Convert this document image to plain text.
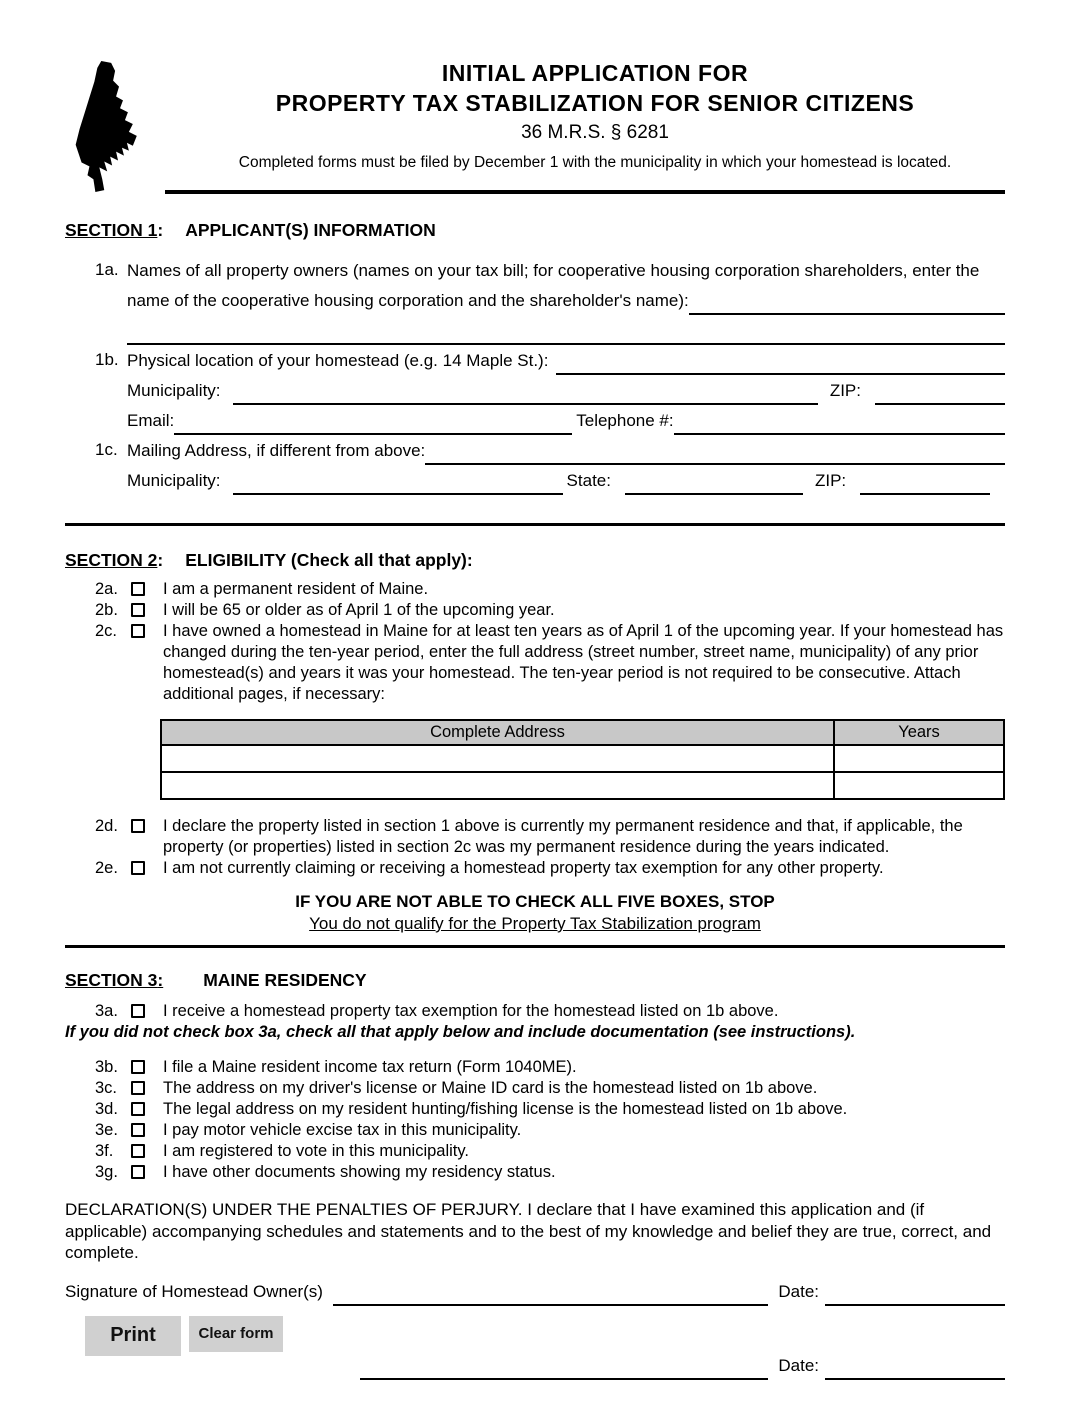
INITIAL APPLICATION FOR
PROPERTY TAX STABILIZATION FOR SENIOR CITIZENS
36 M.R.S. § 6281
Completed forms must be filed by December 1 with the municipality in which your homestead is located.
SECTION 1: APPLICANT(S) INFORMATION
1a. Names of all property owners (names on your tax bill; for cooperative housing corporation shareholders, enter the
name of the cooperative housing corporation and the shareholder's name):
1b. Physical location of your homestead (e.g. 14 Maple St.):
Municipality:	ZIP:
Email:	Telephone #:
1c. Mailing Address, if different from above:
Municipality:	State:	ZIP:
SECTION 2: ELIGIBILITY (Check all that apply):
2a.	I am a permanent resident of Maine.
2b.	I will be 65 or older as of April 1 of the upcoming year.
2c.	I have owned a homestead in Maine for at least ten years as of April 1 of the upcoming year. If your homestead has changed during the ten-year period, enter the full address (street number, street name, municipality) of any prior homestead(s) and years it was your homestead. The ten-year period is not required to be consecutive. Attach additional pages, if necessary:
Complete Address	Years

2d.	I declare the property listed in section 1 above is currently my permanent residence and that, if applicable, the property (or properties) listed in section 2c was my permanent residence during the years indicated.
2e.	I am not currently claiming or receiving a homestead property tax exemption for any other property.
IF YOU ARE NOT ABLE TO CHECK ALL FIVE BOXES, STOP
You do not qualify for the Property Tax Stabilization program
SECTION 3: MAINE RESIDENCY
3a.	I receive a homestead property tax exemption for the homestead listed on 1b above.
If you did not check box 3a, check all that apply below and include documentation (see instructions).
3b.	I file a Maine resident income tax return (Form 1040ME).
3c.	The address on my driver's license or Maine ID card is the homestead listed on 1b above.
3d.	The legal address on my resident hunting/fishing license is the homestead listed on 1b above.
3e.	I pay motor vehicle excise tax in this municipality.
3f.	I am registered to vote in this municipality.
3g.	I have other documents showing my residency status.
DECLARATION(S) UNDER THE PENALTIES OF PERJURY. I declare that I have examined this application and (if applicable) accompanying schedules and statements and to the best of my knowledge and belief they are true, correct, and complete.
Signature of Homestead Owner(s)	Date:
Print	Clear form
Date:
